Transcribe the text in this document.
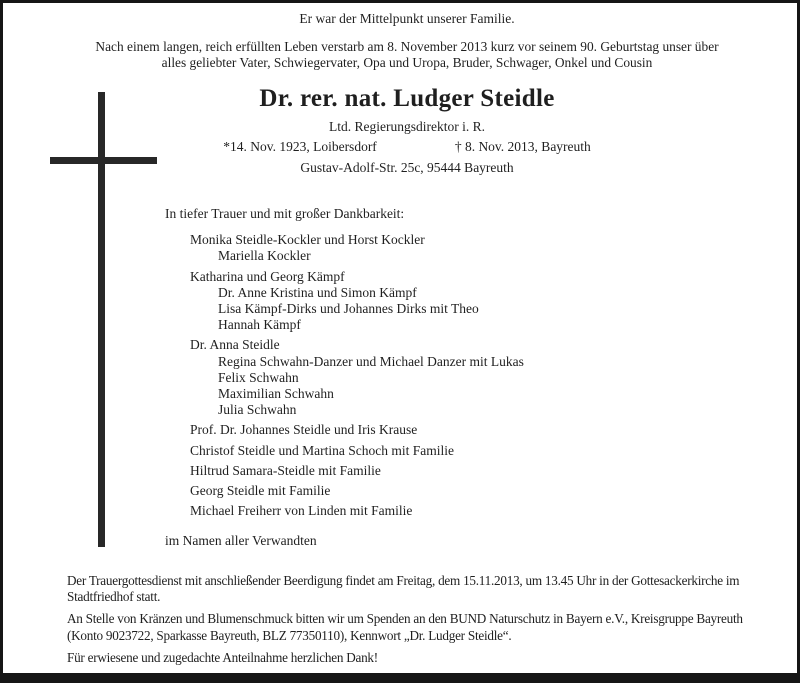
Er war der Mittelpunkt unserer Familie.
Nach einem langen, reich erfüllten Leben verstarb am 8. November 2013 kurz vor seinem 90. Geburtstag unser über alles geliebter Vater, Schwiegervater, Opa und Uropa, Bruder, Schwager, Onkel und Cousin
Dr. rer. nat. Ludger Steidle
Ltd. Regierungsdirektor i. R.
*14. Nov. 1923, Loibersdorf	† 8. Nov. 2013, Bayreuth
Gustav-Adolf-Str. 25c, 95444 Bayreuth
In tiefer Trauer und mit großer Dankbarkeit:
Monika Steidle-Kockler und Horst Kockler
Mariella Kockler
Katharina und Georg Kämpf
Dr. Anne Kristina und Simon Kämpf
Lisa Kämpf-Dirks und Johannes Dirks mit Theo
Hannah Kämpf
Dr. Anna Steidle
Regina Schwahn-Danzer und Michael Danzer mit Lukas
Felix Schwahn
Maximilian Schwahn
Julia Schwahn
Prof. Dr. Johannes Steidle und Iris Krause
Christof Steidle und Martina Schoch mit Familie
Hiltrud Samara-Steidle mit Familie
Georg Steidle mit Familie
Michael Freiherr von Linden mit Familie
im Namen aller Verwandten

Der Trauergottesdienst mit anschließender Beerdigung findet am Freitag, dem 15.11.2013, um 13.45 Uhr in der Gottesackerkirche im Stadtfriedhof statt.

An Stelle von Kränzen und Blumenschmuck bitten wir um Spenden an den BUND Naturschutz in Bayern e.V., Kreisgruppe Bayreuth (Konto 9023722, Sparkasse Bayreuth, BLZ 77350110), Kennwort „Dr. Ludger Steidle“.

Für erwiesene und zugedachte Anteilnahme herzlichen Dank!
